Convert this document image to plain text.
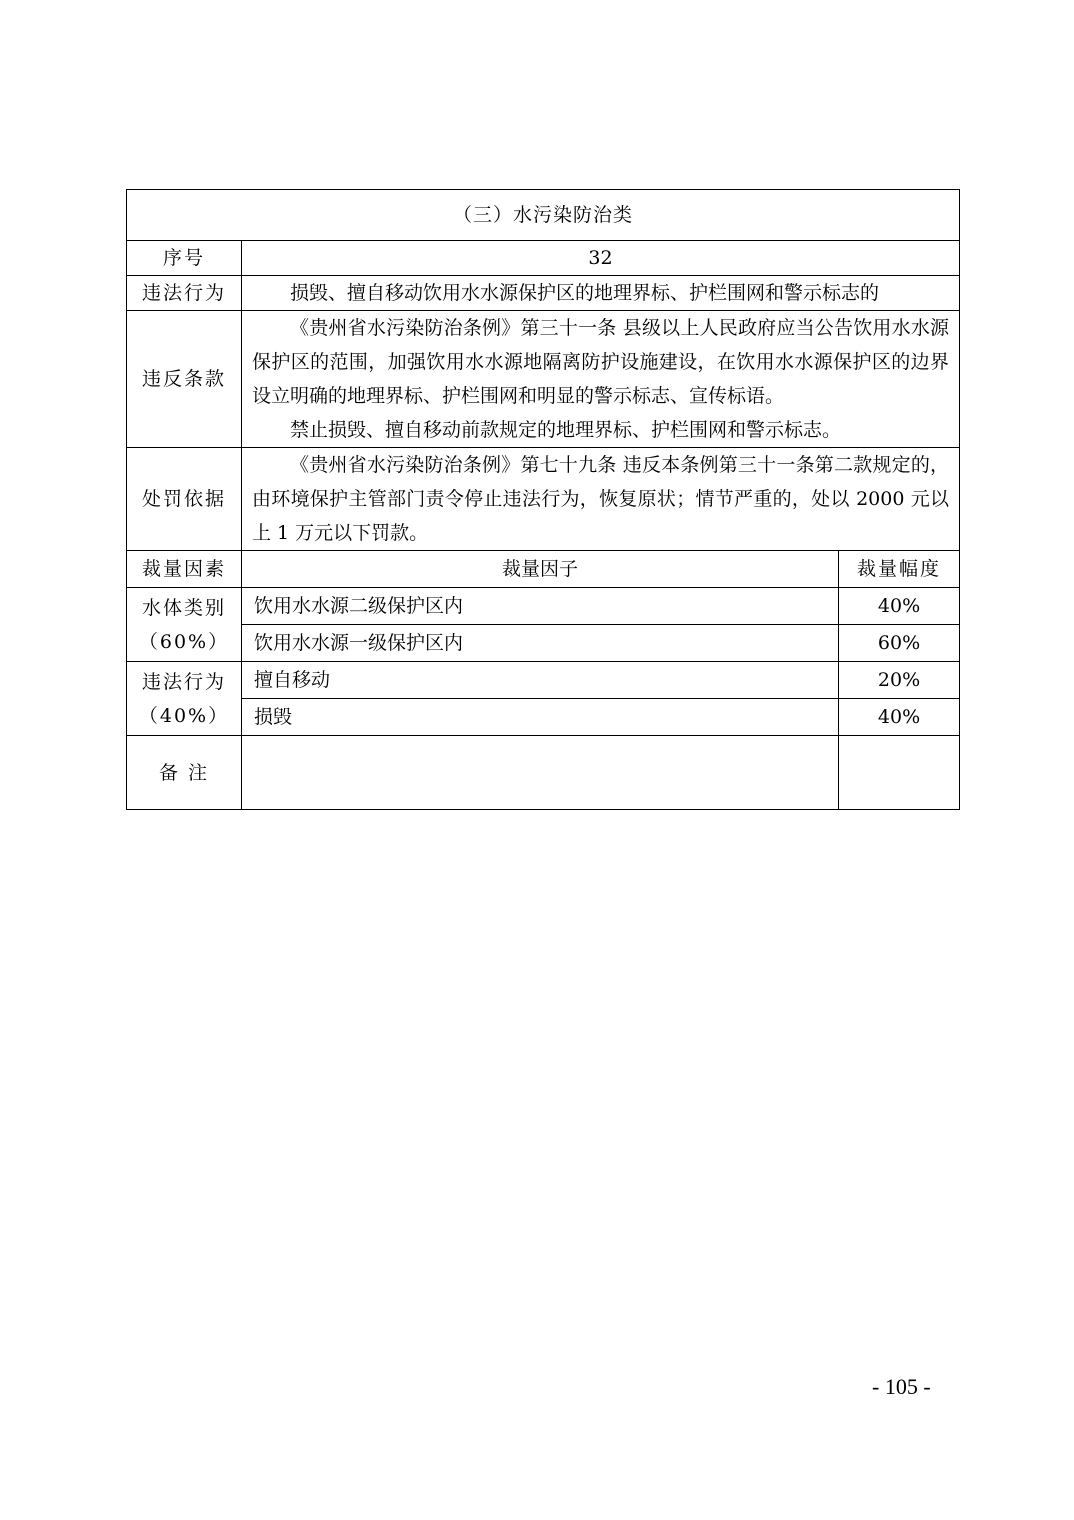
（三）水污染防治类		
序号	32	
违法行为	损毁、擅自移动饮用水水源保护区的地理界标、护栏围网和警示标志的	

违反条款	《贵州省水污染防治条例》第三十一条 县级以上人民政府应当公告饮用水水源保护区的范围，加强饮用水水源地隔离防护设施建设，在饮用水水源保护区的边界设立明确的地理界标、护栏围网和明显的警示标志、宣传标语。
禁止损毁、擅自移动前款规定的地理界标、护栏围网和警示标志。	

处罚依据	《贵州省水污染防治条例》第七十九条 违反本条例第三十一条第二款规定的，由环境保护主管部门责令停止违法行为，恢复原状；情节严重的，处以 2000 元以上 1 万元以下罚款。	

裁量因素	裁量因子	裁量幅度

水体类别
（60%）	饮用水水源二级保护区内	40%
	饮用水水源一级保护区内	60%

违法行为
（40%）	擅自移动	20%
	损毁	40%
备 注		
- 105 -
